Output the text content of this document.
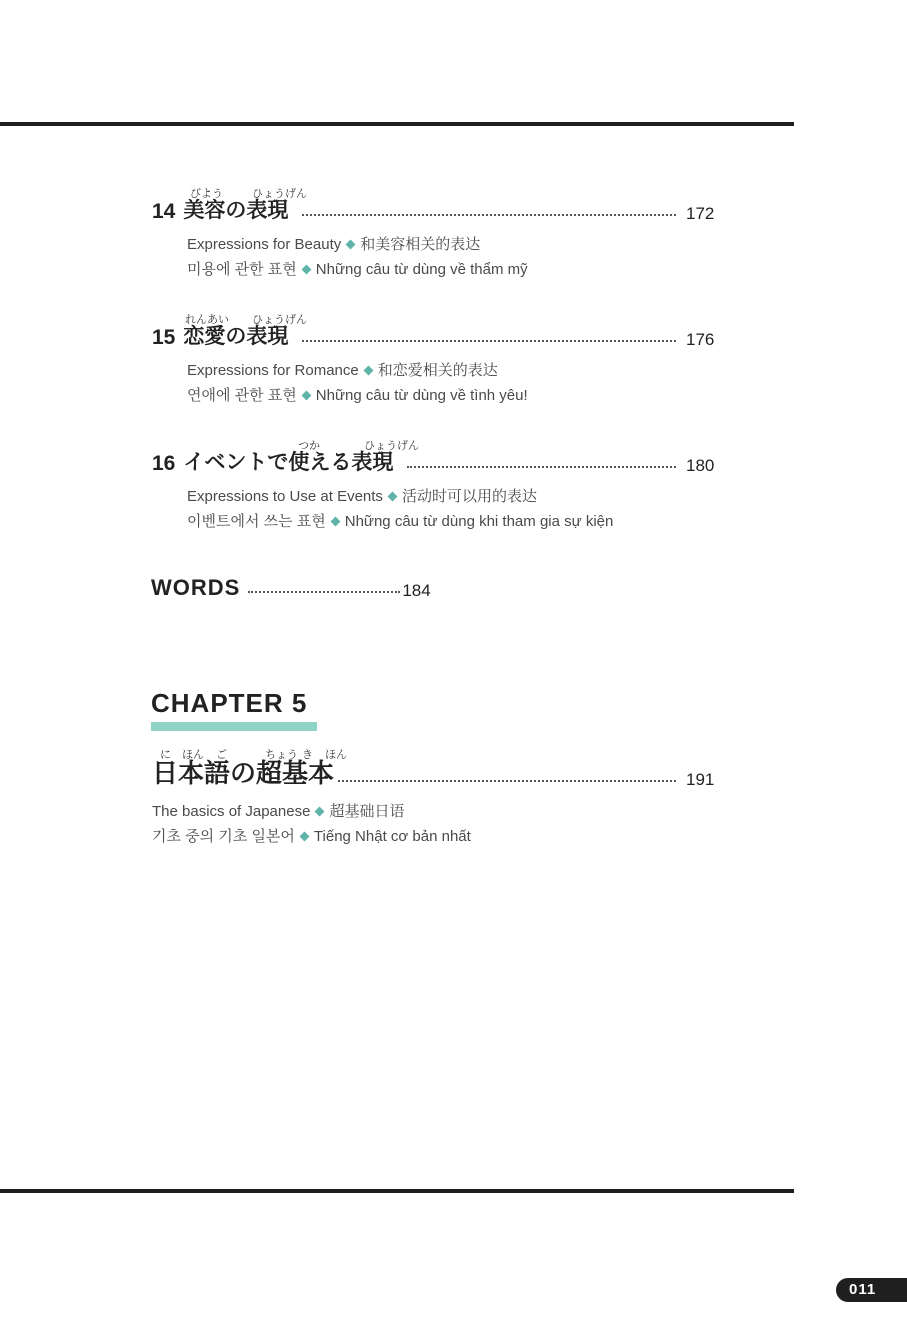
びよう	ひょうげん
14 美容の表現	172
Expressions for Beauty 和美容相关的表达
미용에 관한 표현 Những câu từ dùng về thẩm mỹ
れんあい ひょうげん
15 恋愛の表現	176
Expressions for Romance 和恋爱相关的表达
연애에 관한 표현 Những câu từ dùng về tình yêu!
つか	ひょうげん
16 イベントで使える表現	180
Expressions to Use at Events 活动时可以用的表达
이벤트에서 쓰는 표현 Những câu từ dùng khi tham gia sự kiện
WORDS	184
CHAPTER 5
に ほん ご	ちょう き ほん
日本語の超基本	191
The basics of Japanese 超基础日语
기초 중의 기초 일본어 Tiếng Nhật cơ bản nhất
011
